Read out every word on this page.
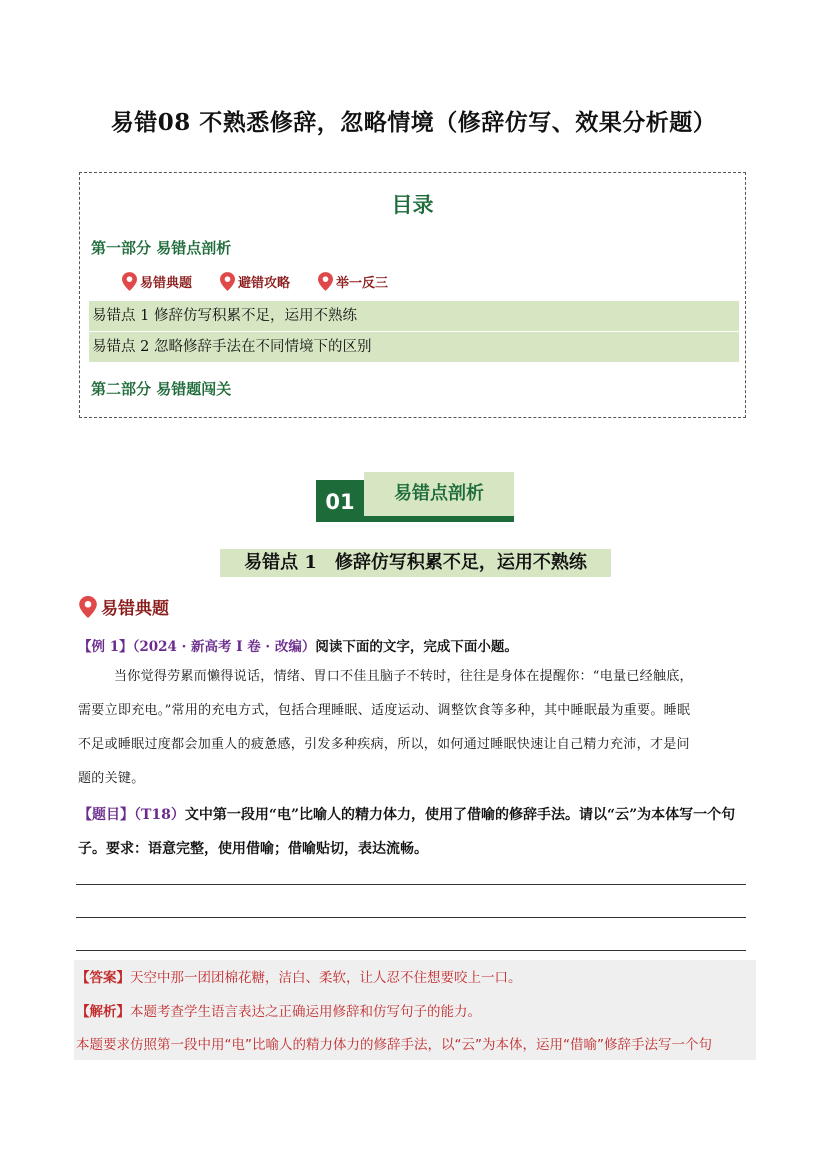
易错08 不熟悉修辞，忽略情境（修辞仿写、效果分析题）
目录
第一部分 易错点剖析
易错典题	避错攻略	举一反三
易错点 1 修辞仿写积累不足，运用不熟练
易错点 2 忽略修辞手法在不同情境下的区别
第二部分 易错题闯关
01	易错点剖析
易错点 1 修辞仿写积累不足，运用不熟练
易错典题
【例 1】（2024 · 新高考 Ⅰ 卷 · 改编）阅读下面的文字，完成下面小题。
当你觉得劳累而懒得说话，情绪、胃口不佳且脑子不转时，往往是身体在提醒你：“电量已经触底，
需要立即充电。”常用的充电方式，包括合理睡眠、适度运动、调整饮食等多种，其中睡眠最为重要。睡眠
不足或睡眠过度都会加重人的疲惫感，引发多种疾病，所以，如何通过睡眠快速让自己精力充沛，才是问
题的关键。
【题目】（T18）文中第一段用“电”比喻人的精力体力，使用了借喻的修辞手法。请以“云”为本体写一个句
子。要求：语意完整，使用借喻；借喻贴切，表达流畅。
【答案】天空中那一团团棉花糖，洁白、柔软，让人忍不住想要咬上一口。
【解析】本题考查学生语言表达之正确运用修辞和仿写句子的能力。
本题要求仿照第一段中用“电”比喻人的精力体力的修辞手法，以“云”为本体，运用“借喻”修辞手法写一个句
